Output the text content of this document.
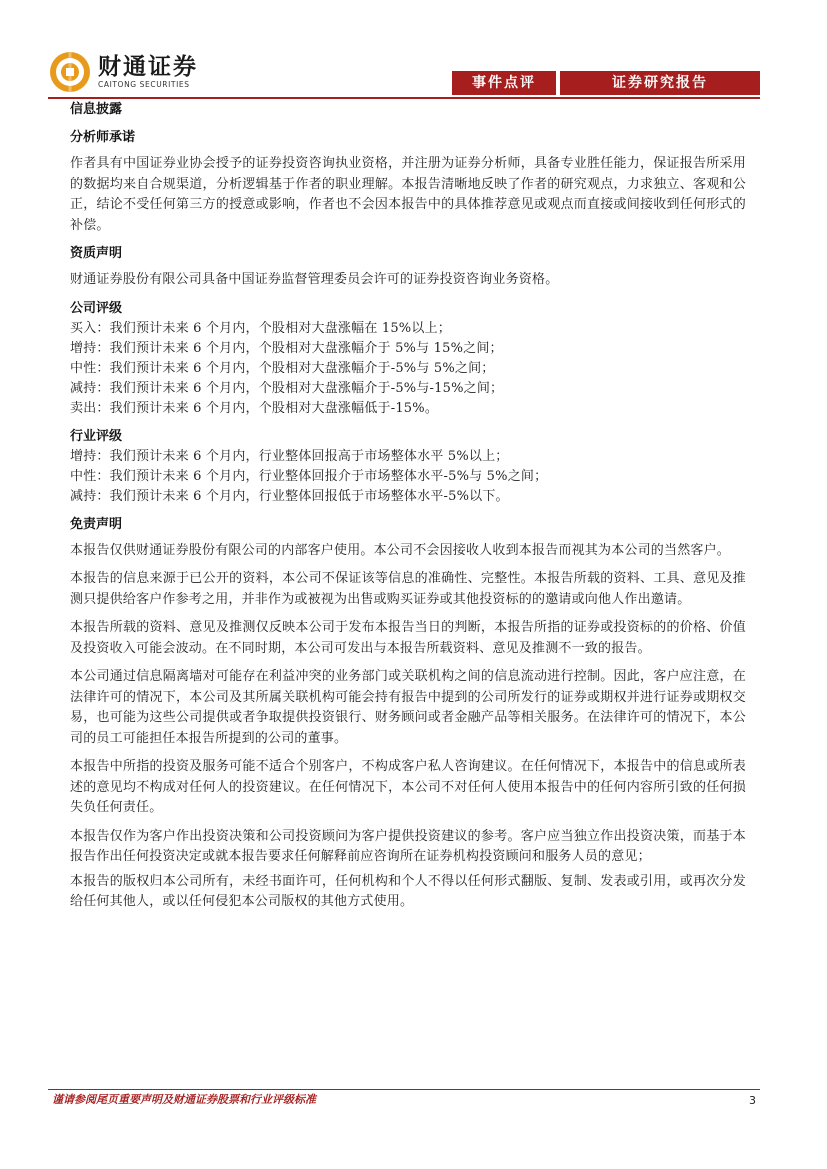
财通证券
CAITONG SECURITIES	事件点评	证券研究报告
信息披露
分析师承诺
作者具有中国证券业协会授予的证券投资咨询执业资格，并注册为证券分析师，具备专业胜任能力，保证报告所采用的数据均来自合规渠道，分析逻辑基于作者的职业理解。本报告清晰地反映了作者的研究观点，力求独立、客观和公正，结论不受任何第三方的授意或影响，作者也不会因本报告中的具体推荐意见或观点而直接或间接收到任何形式的补偿。
资质声明
财通证券股份有限公司具备中国证券监督管理委员会许可的证券投资咨询业务资格。
公司评级
买入：我们预计未来 6 个月内，个股相对大盘涨幅在 15%以上；
增持：我们预计未来 6 个月内，个股相对大盘涨幅介于 5%与 15%之间；
中性：我们预计未来 6 个月内，个股相对大盘涨幅介于-5%与 5%之间；
减持：我们预计未来 6 个月内，个股相对大盘涨幅介于-5%与-15%之间；
卖出：我们预计未来 6 个月内，个股相对大盘涨幅低于-15%。
行业评级
增持：我们预计未来 6 个月内，行业整体回报高于市场整体水平 5%以上；
中性：我们预计未来 6 个月内，行业整体回报介于市场整体水平-5%与 5%之间；
减持：我们预计未来 6 个月内，行业整体回报低于市场整体水平-5%以下。
免责声明
本报告仅供财通证券股份有限公司的内部客户使用。本公司不会因接收人收到本报告而视其为本公司的当然客户。
本报告的信息来源于已公开的资料，本公司不保证该等信息的准确性、完整性。本报告所载的资料、工具、意见及推测只提供给客户作参考之用，并非作为或被视为出售或购买证券或其他投资标的的邀请或向他人作出邀请。
本报告所载的资料、意见及推测仅反映本公司于发布本报告当日的判断，本报告所指的证券或投资标的的价格、价值及投资收入可能会波动。在不同时期，本公司可发出与本报告所载资料、意见及推测不一致的报告。
本公司通过信息隔离墙对可能存在利益冲突的业务部门或关联机构之间的信息流动进行控制。因此，客户应注意，在法律许可的情况下，本公司及其所属关联机构可能会持有报告中提到的公司所发行的证券或期权并进行证券或期权交易，也可能为这些公司提供或者争取提供投资银行、财务顾问或者金融产品等相关服务。在法律许可的情况下，本公司的员工可能担任本报告所提到的公司的董事。
本报告中所指的投资及服务可能不适合个别客户，不构成客户私人咨询建议。在任何情况下，本报告中的信息或所表述的意见均不构成对任何人的投资建议。在任何情况下，本公司不对任何人使用本报告中的任何内容所引致的任何损失负任何责任。
本报告仅作为客户作出投资决策和公司投资顾问为客户提供投资建议的参考。客户应当独立作出投资决策，而基于本报告作出任何投资决定或就本报告要求任何解释前应咨询所在证券机构投资顾问和服务人员的意见；
本报告的版权归本公司所有，未经书面许可，任何机构和个人不得以任何形式翻版、复制、发表或引用，或再次分发给任何其他人，或以任何侵犯本公司版权的其他方式使用。
谨请参阅尾页重要声明及财通证券股票和行业评级标准	3
